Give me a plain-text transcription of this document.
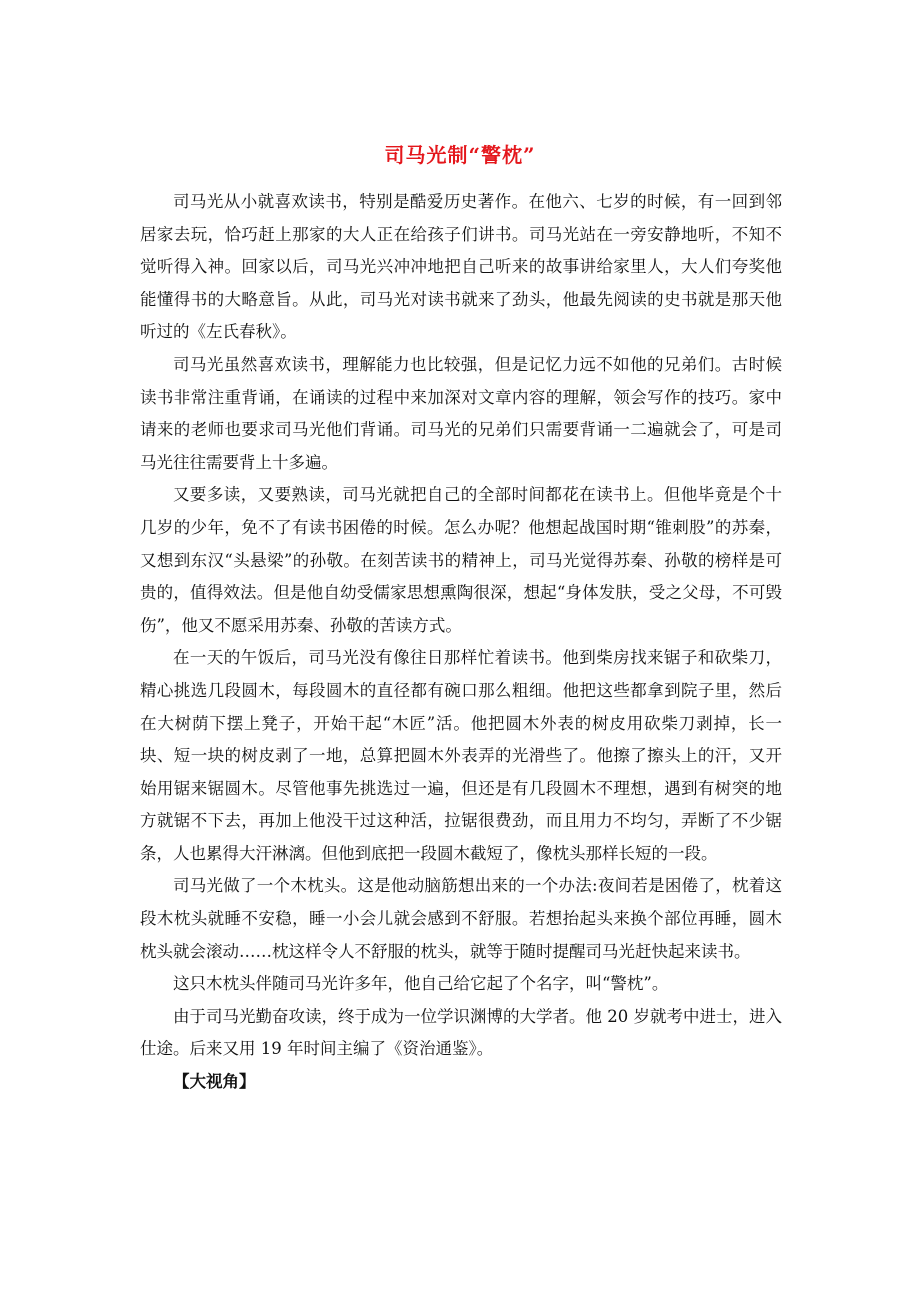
司马光制“警枕”

司马光从小就喜欢读书，特别是酷爱历史著作。在他六、七岁的时候，有一回到邻居家去玩，恰巧赶上那家的大人正在给孩子们讲书。司马光站在一旁安静地听，不知不觉听得入神。回家以后，司马光兴冲冲地把自己听来的故事讲给家里人，大人们夸奖他能懂得书的大略意旨。从此，司马光对读书就来了劲头，他最先阅读的史书就是那天他听过的《左氏春秋》。

司马光虽然喜欢读书，理解能力也比较强，但是记忆力远不如他的兄弟们。古时候读书非常注重背诵，在诵读的过程中来加深对文章内容的理解，领会写作的技巧。家中请来的老师也要求司马光他们背诵。司马光的兄弟们只需要背诵一二遍就会了，可是司马光往往需要背上十多遍。

又要多读，又要熟读，司马光就把自己的全部时间都花在读书上。但他毕竟是个十几岁的少年，免不了有读书困倦的时候。怎么办呢？他想起战国时期“锥刺股”的苏秦，又想到东汉“头悬梁”的孙敬。在刻苦读书的精神上，司马光觉得苏秦、孙敬的榜样是可贵的，值得效法。但是他自幼受儒家思想熏陶很深，想起“身体发肤，受之父母，不可毁伤”，他又不愿采用苏秦、孙敬的苦读方式。

在一天的午饭后，司马光没有像往日那样忙着读书。他到柴房找来锯子和砍柴刀，精心挑选几段圆木，每段圆木的直径都有碗口那么粗细。他把这些都拿到院子里，然后在大树荫下摆上凳子，开始干起“木匠”活。他把圆木外表的树皮用砍柴刀剥掉，长一块、短一块的树皮剥了一地，总算把圆木外表弄的光滑些了。他擦了擦头上的汗，又开始用锯来锯圆木。尽管他事先挑选过一遍，但还是有几段圆木不理想，遇到有树突的地方就锯不下去，再加上他没干过这种活，拉锯很费劲，而且用力不均匀，弄断了不少锯条，人也累得大汗淋漓。但他到底把一段圆木截短了，像枕头那样长短的一段。

司马光做了一个木枕头。这是他动脑筋想出来的一个办法:夜间若是困倦了，枕着这段木枕头就睡不安稳，睡一小会儿就会感到不舒服。若想抬起头来换个部位再睡，圆木枕头就会滚动……枕这样令人不舒服的枕头，就等于随时提醒司马光赶快起来读书。

这只木枕头伴随司马光许多年，他自己给它起了个名字，叫“警枕”。

由于司马光勤奋攻读，终于成为一位学识渊博的大学者。他 20 岁就考中进士，进入仕途。后来又用 19 年时间主编了《资治通鉴》。

【大视角】
